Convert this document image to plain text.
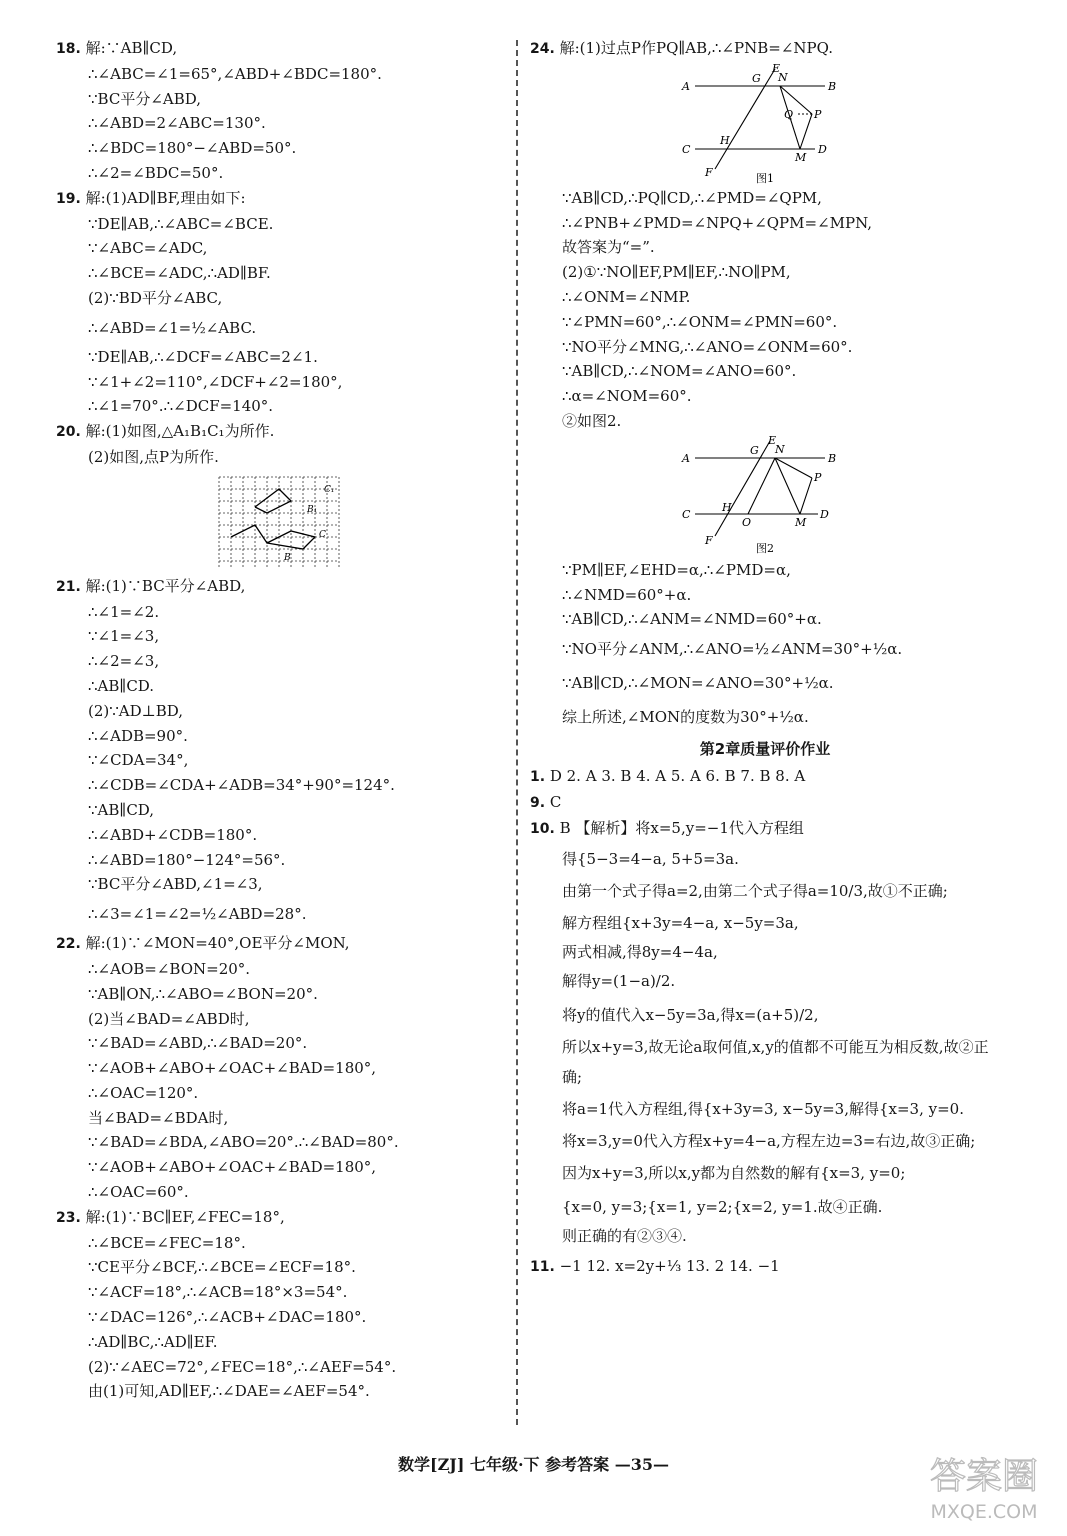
18. 解:∵AB∥CD,
∴∠ABC=∠1=65°,∠ABD+∠BDC=180°.
∵BC平分∠ABD,
∴∠ABD=2∠ABC=130°.
∴∠BDC=180°−∠ABD=50°.
∴∠2=∠BDC=50°.
19. 解:(1)AD∥BF,理由如下:
∵DE∥AB,∴∠ABC=∠BCE.
∵∠ABC=∠ADC,
∴∠BCE=∠ADC,∴AD∥BF.
(2)∵BD平分∠ABC,
∴∠ABD=∠1=½∠ABC.
∵DE∥AB,∴∠DCF=∠ABC=2∠1.
∵∠1+∠2=110°,∠DCF+∠2=180°,
∴∠1=70°.∴∠DCF=140°.
20. 解:(1)如图,△A₁B₁C₁为所作.
(2)如图,点P为所作.
C₁
B₁
C
B
21. 解:(1)∵BC平分∠ABD,
∴∠1=∠2.
∵∠1=∠3,
∴∠2=∠3,
∴AB∥CD.
(2)∵AD⊥BD,
∴∠ADB=90°.
∵∠CDA=34°,
∴∠CDB=∠CDA+∠ADB=34°+90°=124°.
∵AB∥CD,
∴∠ABD+∠CDB=180°.
∴∠ABD=180°−124°=56°.
∵BC平分∠ABD,∠1=∠3,
∴∠3=∠1=∠2=½∠ABD=28°.
22. 解:(1)∵∠MON=40°,OE平分∠MON,
∴∠AOB=∠BON=20°.
∵AB∥ON,∴∠ABO=∠BON=20°.
(2)当∠BAD=∠ABD时,
∵∠BAD=∠ABD,∴∠BAD=20°.
∵∠AOB+∠ABO+∠OAC+∠BAD=180°,
∴∠OAC=120°.
当∠BAD=∠BDA时,
∵∠BAD=∠BDA,∠ABO=20°.∴∠BAD=80°.
∵∠AOB+∠ABO+∠OAC+∠BAD=180°,
∴∠OAC=60°.
23. 解:(1)∵BC∥EF,∠FEC=18°,
∴∠BCE=∠FEC=18°.
∵CE平分∠BCF,∴∠BCE=∠ECF=18°.
∵∠ACF=18°,∴∠ACB=18°×3=54°.
∵∠DAC=126°,∴∠ACB+∠DAC=180°.
∴AD∥BC,∴AD∥EF.
(2)∵∠AEC=72°,∠FEC=18°,∴∠AEF=54°.
由(1)可知,AD∥EF,∴∠DAE=∠AEF=54°.
24. 解:(1)过点P作PQ∥AB,∴∠PNB=∠NPQ.
A	B
C	D
E
F
G N
H
Q P
M
图1
∵AB∥CD,∴PQ∥CD,∴∠PMD=∠QPM,
∴∠PNB+∠PMD=∠NPQ+∠QPM=∠MPN,
故答案为“=”.
(2)①∵NO∥EF,PM∥EF,∴NO∥PM,
∴∠ONM=∠NMP.
∵∠PMN=60°,∴∠ONM=∠PMN=60°.
∵NO平分∠MNG,∴∠ANO=∠ONM=60°.
∵AB∥CD,∴∠NOM=∠ANO=60°.
∴α=∠NOM=60°.
②如图2.
A	B
C	D
E
F
G N
H
O
P
M
图2
∵PM∥EF,∠EHD=α,∴∠PMD=α,
∴∠NMD=60°+α.
∵AB∥CD,∴∠ANM=∠NMD=60°+α.
∵NO平分∠ANM,∴∠ANO=½∠ANM=30°+½α.
∵AB∥CD,∴∠MON=∠ANO=30°+½α.
综上所述,∠MON的度数为30°+½α.
第2章质量评价作业
1. D 2. A 3. B 4. A 5. A 6. B 7. B 8. A
9. C
10. B 【解析】将x=5,y=−1代入方程组
得{5−3=4−a, 5+5=3a.
由第一个式子得a=2,由第二个式子得a=10/3,故①不正确;
解方程组{x+3y=4−a, x−5y=3a,
两式相减,得8y=4−4a,
解得y=(1−a)/2.
将y的值代入x−5y=3a,得x=(a+5)/2,
所以x+y=3,故无论a取何值,x,y的值都不可能互为相反数,故②正确;
将a=1代入方程组,得{x+3y=3, x−5y=3,解得{x=3, y=0.
将x=3,y=0代入方程x+y=4−a,方程左边=3=右边,故③正确;
因为x+y=3,所以x,y都为自然数的解有{x=3, y=0;
{x=0, y=3;{x=1, y=2;{x=2, y=1.故④正确.
则正确的有②③④.
11. −1 12. x=2y+⅓ 13. 2 14. −1
数学[ZJ] 七年级·下 参考答案 —35—	答案圈
MXQE.COM
